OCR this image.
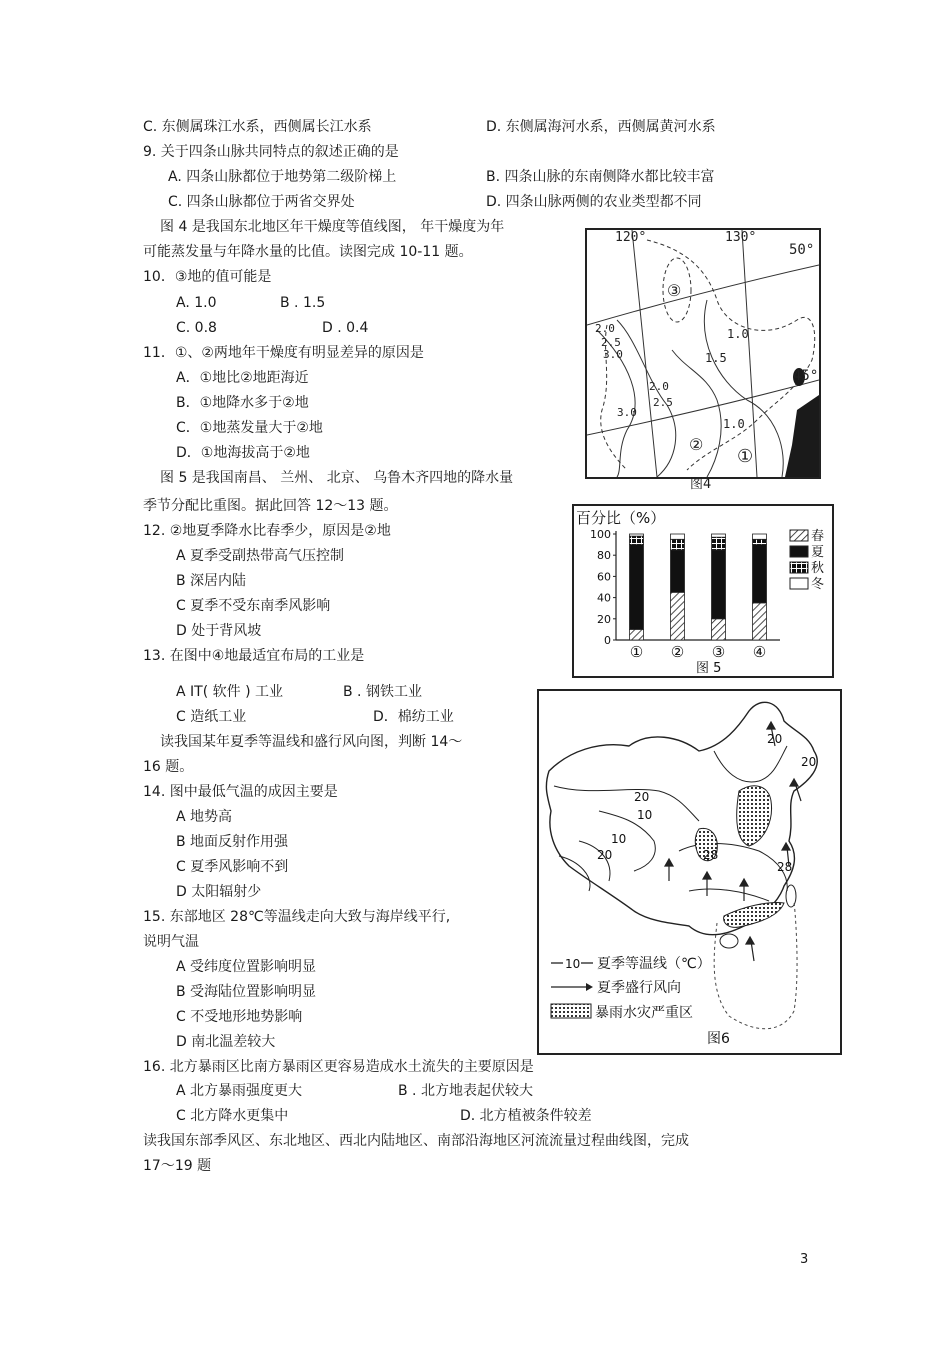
C. 东侧属珠江水系，西侧属长江水系	D. 东侧属海河水系，西侧属黄河水系
9. 关于四条山脉共同特点的叙述正确的是
A. 四条山脉都位于地势第二级阶梯上	B. 四条山脉的东南侧降水都比较丰富
C. 四条山脉都位于两省交界处	D. 四条山脉两侧的农业类型都不同
图 4 是我国东北地区年干燥度等值线图， 年干燥度为年
可能蒸发量与年降水量的比值。读图完成 10-11 题。
10．③地的值可能是
A. 1.0	B . 1.5
C. 0.8	D . 0.4
11．①、②两地年干燥度有明显差异的原因是
A．①地比②地距海近
B．①地降水多于②地
C．①地蒸发量大于②地
D．①地海拔高于②地
图 5 是我国南昌、 兰州、 北京、 乌鲁木齐四地的降水量
季节分配比重图。据此回答 12～13 题。
12. ②地夏季降水比春季少，原因是②地
A 夏季受副热带高气压控制
B 深居内陆
C 夏季不受东南季风影响
D 处于背风坡
13. 在图中④地最适宜布局的工业是
A IT( 软件 ) 工业	B . 钢铁工业
C 造纸工业	D．棉纺工业
读我国某年夏季等温线和盛行风向图，判断 14～
16 题。
14. 图中最低气温的成因主要是
A 地势高
B 地面反射作用强
C 夏季风影响不到
D 太阳辐射少
15. 东部地区 28℃等温线走向大致与海岸线平行,
说明气温
A 受纬度位置影响明显
B 受海陆位置影响明显
C 不受地形地势影响
D 南北温差较大
16. 北方暴雨区比南方暴雨区更容易造成水土流失的主要原因是
A 北方暴雨强度更大	B . 北方地表起伏较大
C 北方降水更集中	D. 北方植被条件较差
读我国东部季风区、东北地区、西北内陆地区、南部沿海地区河流流量过程曲线图，完成
17～19 题
3
120°	130°
50°
45°
2.0
2.5
3.0
1.0
1.5
2.0
2.5
3.0
1.0
③
②
①
图4
百分比（%）
0
20
40
60
80
100
① ② ③ ④
春
夏
秋
冬
图 5
20
20
20
10
10
20	28
28
10 夏季等温线（℃）
夏季盛行风向
暴雨水灾严重区
图6
